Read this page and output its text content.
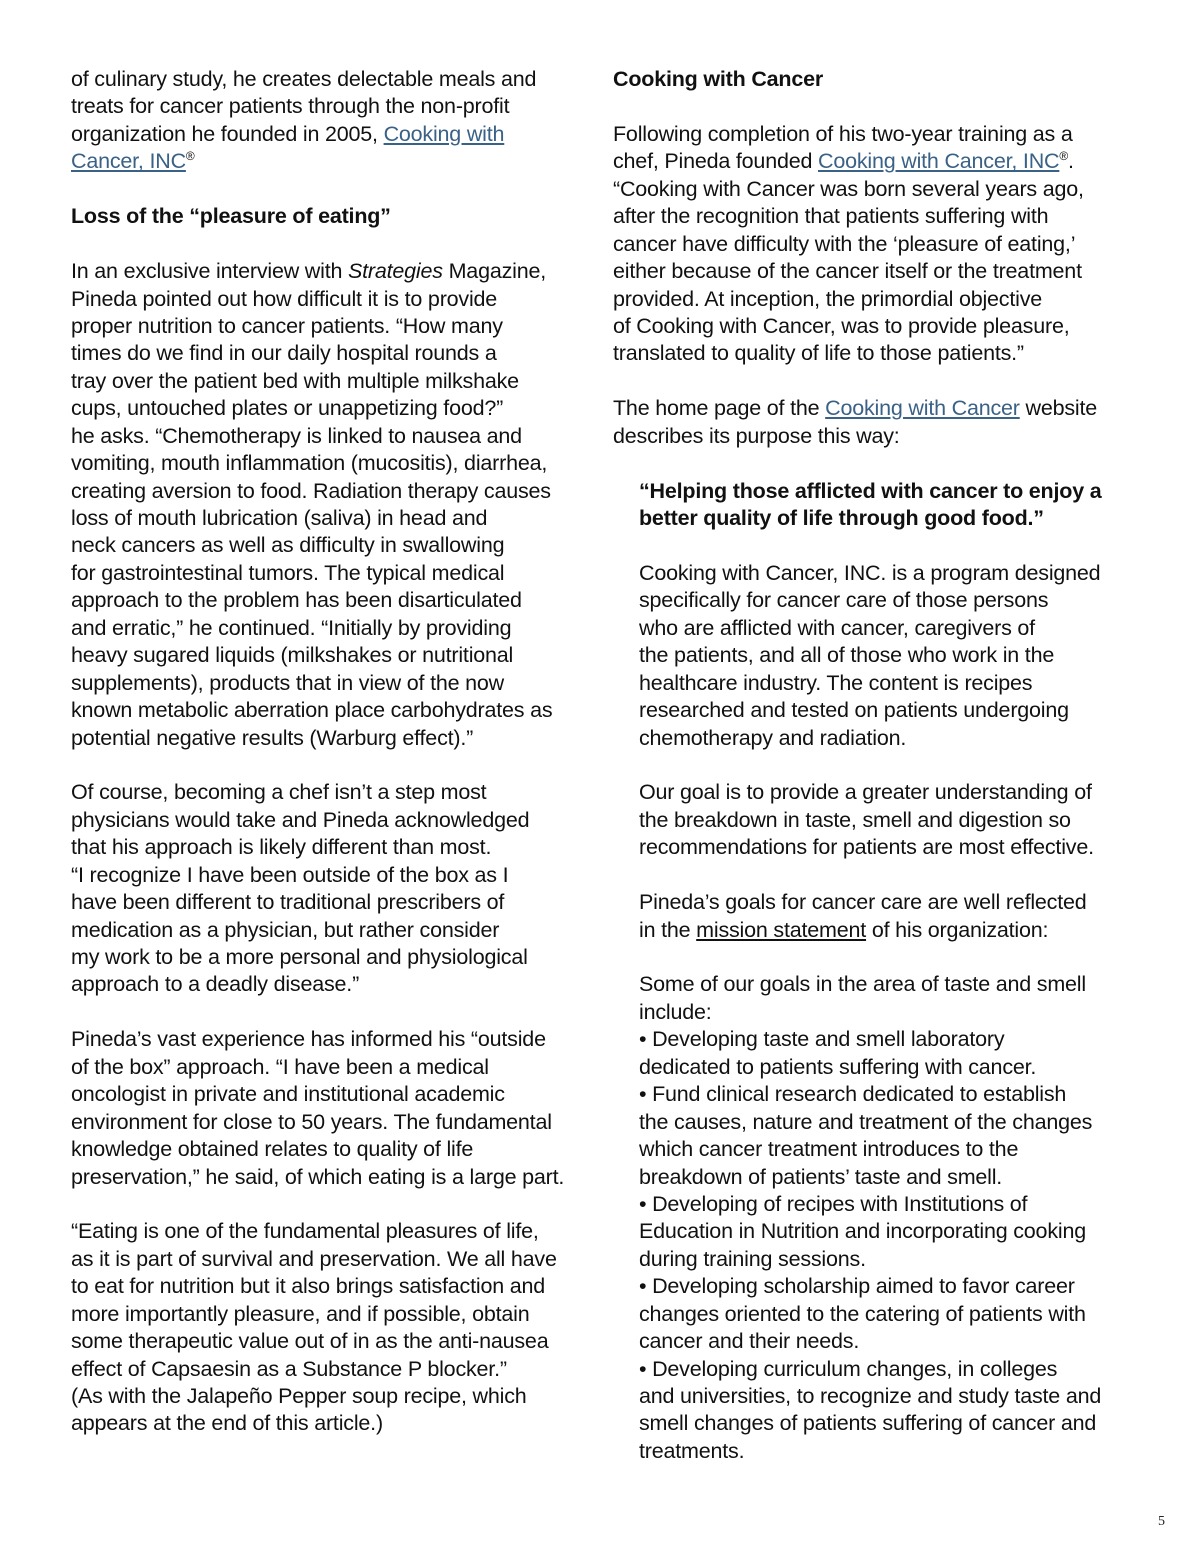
of culinary study, he creates delectable meals and
treats for cancer patients through the non-profit
organization he founded in 2005, Cooking with
Cancer, INC®
Loss of the “pleasure of eating”
In an exclusive interview with Strategies Magazine,
Pineda pointed out how difficult it is to provide
proper nutrition to cancer patients. “How many
times do we find in our daily hospital rounds a
tray over the patient bed with multiple milkshake
cups, untouched plates or unappetizing food?”
he asks. “Chemotherapy is linked to nausea and
vomiting, mouth inflammation (mucositis), diarrhea,
creating aversion to food. Radiation therapy causes
loss of mouth lubrication (saliva) in head and
neck cancers as well as difficulty in swallowing
for gastrointestinal tumors. The typical medical
approach to the problem has been disarticulated
and erratic,” he continued. “Initially by providing
heavy sugared liquids (milkshakes or nutritional
supplements), products that in view of the now
known metabolic aberration place carbohydrates as
potential negative results (Warburg effect).”
Of course, becoming a chef isn’t a step most
physicians would take and Pineda acknowledged
that his approach is likely different than most.
“I recognize I have been outside of the box as I
have been different to traditional prescribers of
medication as a physician, but rather consider
my work to be a more personal and physiological
approach to a deadly disease.”
Pineda’s vast experience has informed his “outside
of the box” approach. “I have been a medical
oncologist in private and institutional academic
environment for close to 50 years. The fundamental
knowledge obtained relates to quality of life
preservation,” he said, of which eating is a large part.
“Eating is one of the fundamental pleasures of life,
as it is part of survival and preservation. We all have
to eat for nutrition but it also brings satisfaction and
more importantly pleasure, and if possible, obtain
some therapeutic value out of in as the anti-nausea
effect of Capsaesin as a Substance P blocker.”
(As with the Jalapeño Pepper soup recipe, which
appears at the end of this article.)
Cooking with Cancer
Following completion of his two-year training as a
chef, Pineda founded Cooking with Cancer, INC®.
“Cooking with Cancer was born several years ago,
after the recognition that patients suffering with
cancer have difficulty with the ‘pleasure of eating,’
either because of the cancer itself or the treatment
provided. At inception, the primordial objective
of Cooking with Cancer, was to provide pleasure,
translated to quality of life to those patients.”
The home page of the Cooking with Cancer website
describes its purpose this way:
“Helping those afflicted with cancer to enjoy a
better quality of life through good food.”
Cooking with Cancer, INC. is a program designed
specifically for cancer care of those persons
who are afflicted with cancer, caregivers of
the patients, and all of those who work in the
healthcare industry. The content is recipes
researched and tested on patients undergoing
chemotherapy and radiation.
Our goal is to provide a greater understanding of
the breakdown in taste, smell and digestion so
recommendations for patients are most effective.
Pineda’s goals for cancer care are well reflected
in the mission statement of his organization:
Some of our goals in the area of taste and smell
include:
• Developing taste and smell laboratory
dedicated to patients suffering with cancer.
• Fund clinical research dedicated to establish
the causes, nature and treatment of the changes
which cancer treatment introduces to the
breakdown of patients’ taste and smell.
• Developing of recipes with Institutions of
Education in Nutrition and incorporating cooking
during training sessions.
• Developing scholarship aimed to favor career
changes oriented to the catering of patients with
cancer and their needs.
• Developing curriculum changes, in colleges
and universities, to recognize and study taste and
smell changes of patients suffering of cancer and
treatments.
5
